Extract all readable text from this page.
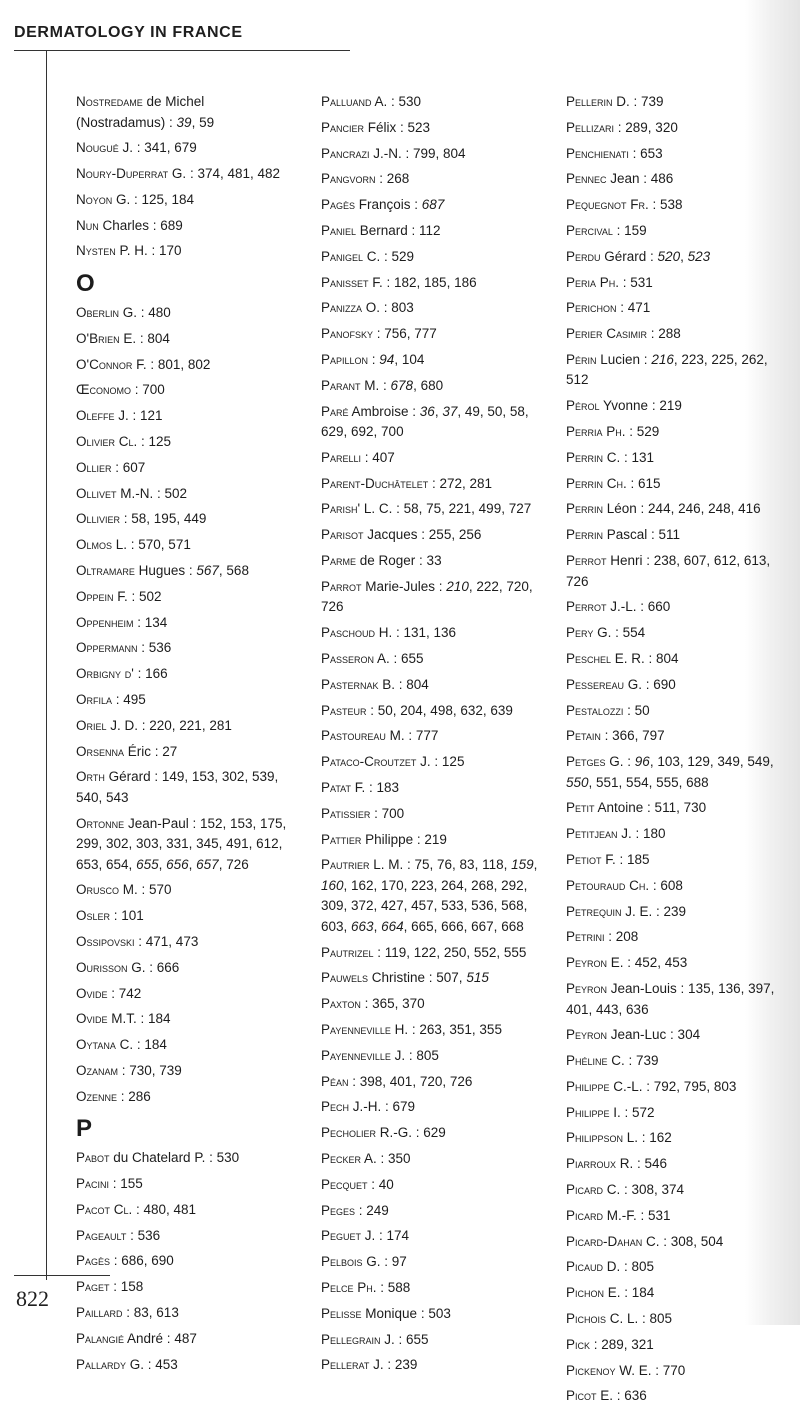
DERMATOLOGY IN FRANCE
Nostredame de Michel (Nostradamus) : 39, 59
Nougué J. : 341, 679
Noury-Duperrat G. : 374, 481, 482
Noyon G. : 125, 184
Nun Charles : 689
Nysten P. H. : 170
O
Oberlin G. : 480
O'Brien E. : 804
O'Connor F. : 801, 802
Œconomo : 700
Oleffe J. : 121
Olivier Cl. : 125
Ollier : 607
Ollivet M.-N. : 502
Ollivier : 58, 195, 449
Olmos L. : 570, 571
Oltramare Hugues : 567, 568
Oppein F. : 502
Oppenheim : 134
Oppermann : 536
Orbigny d' : 166
Orfila : 495
Oriel J. D. : 220, 221, 281
Orsenna Éric : 27
Orth Gérard : 149, 153, 302, 539, 540, 543
Ortonne Jean-Paul : 152, 153, 175, 299, 302, 303, 331, 345, 491, 612, 653, 654, 655, 656, 657, 726
Orusco M. : 570
Osler : 101
Ossipovski : 471, 473
Ourisson G. : 666
Ovide : 742
Ovide M.T. : 184
Oytana C. : 184
Ozanam : 730, 739
Ozenne : 286
P
Pabot du Chatelard P. : 530
Pacini : 155
Pacot Cl. : 480, 481
Pageault : 536
Pagès : 686, 690
Paget : 158
Paillard : 83, 613
Palangié André : 487
Pallardy G. : 453
Palluand A. : 530
Pancier Félix : 523
Pancrazi J.-N. : 799, 804
Pangvorn : 268
Pagès François : 687
Paniel Bernard : 112
Panigel C. : 529
Panisset F. : 182, 185, 186
Panizza O. : 803
Panofsky : 756, 777
Papillon : 94, 104
Parant M. : 678, 680
Paré Ambroise : 36, 37, 49, 50, 58, 629, 692, 700
Parelli : 407
Parent-Duchâtelet : 272, 281
Parish' L. C. : 58, 75, 221, 499, 727
Parisot Jacques : 255, 256
Parme de Roger : 33
Parrot Marie-Jules : 210, 222, 720, 726
Paschoud H. : 131, 136
Passeron A. : 655
Pasternak B. : 804
Pasteur : 50, 204, 498, 632, 639
Pastoureau M. : 777
Pataco-Croutzet J. : 125
Patat F. : 183
Patissier : 700
Pattier Philippe : 219
Pautrier L. M. : 75, 76, 83, 118, 159, 160, 162, 170, 223, 264, 268, 292, 309, 372, 427, 457, 533, 536, 568, 603, 663, 664, 665, 666, 667, 668
Pautrizel : 119, 122, 250, 552, 555
Pauwels Christine : 507, 515
Paxton : 365, 370
Payenneville H. : 263, 351, 355
Payenneville J. : 805
Péan : 398, 401, 720, 726
Pech J.-H. : 679
Pecholier R.-G. : 629
Pecker A. : 350
Pecquet : 40
Peges : 249
Peguet J. : 174
Pelbois G. : 97
Pelce Ph. : 588
Pelisse Monique : 503
Pellegrain J. : 655
Pellerat J. : 239
Pellerin D. : 739
Pellizari : 289, 320
Penchienati : 653
Pennec Jean : 486
Pequegnot Fr. : 538
Percival : 159
Perdu Gérard : 520, 523
Peria Ph. : 531
Perichon : 471
Perier Casimir : 288
Périn Lucien : 216, 223, 225, 262, 512
Pérol Yvonne : 219
Perria Ph. : 529
Perrin C. : 131
Perrin Ch. : 615
Perrin Léon : 244, 246, 248, 416
Perrin Pascal : 511
Perrot Henri : 238, 607, 612, 613, 726
Perrot J.-L. : 660
Pery G. : 554
Peschel E. R. : 804
Pessereau G. : 690
Pestalozzi : 50
Petain : 366, 797
Petges G. : 96, 103, 129, 349, 549, 550, 551, 554, 555, 688
Petit Antoine : 511, 730
Petitjean J. : 180
Petiot F. : 185
Petouraud Ch. : 608
Petrequin J. E. : 239
Petrini : 208
Peyron E. : 452, 453
Peyron Jean-Louis : 135, 136, 397, 401, 443, 636
Peyron Jean-Luc : 304
Phéline C. : 739
Philippe C.-L. : 792, 795, 803
Philippe I. : 572
Philippson L. : 162
Piarroux R. : 546
Picard C. : 308, 374
Picard M.-F. : 531
Picard-Dahan C. : 308, 504
Picaud D. : 805
Pichon E. : 184
Pichois C. L. : 805
Pick : 289, 321
Pickenoy W. E. : 770
Picot E. : 636
822
